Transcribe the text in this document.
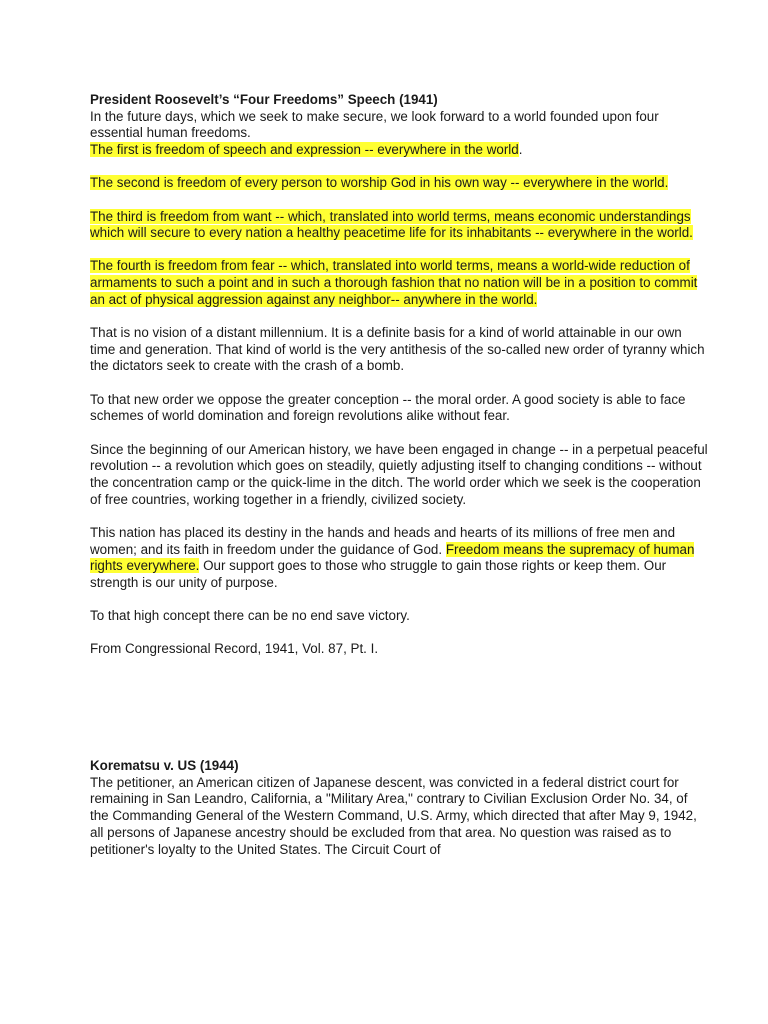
President Roosevelt’s “Four Freedoms” Speech (1941)

In the future days, which we seek to make secure, we look forward to a world founded upon four essential human freedoms.

The first is freedom of speech and expression -- everywhere in the world.

The second is freedom of every person to worship God in his own way -- everywhere in the world.

The third is freedom from want -- which, translated into world terms, means economic understandings which will secure to every nation a healthy peacetime life for its inhabitants -- everywhere in the world.

The fourth is freedom from fear -- which, translated into world terms, means a world-wide reduction of armaments to such a point and in such a thorough fashion that no nation will be in a position to commit an act of physical aggression against any neighbor-- anywhere in the world.

That is no vision of a distant millennium. It is a definite basis for a kind of world attainable in our own time and generation. That kind of world is the very antithesis of the so-called new order of tyranny which the dictators seek to create with the crash of a bomb.

To that new order we oppose the greater conception -- the moral order. A good society is able to face schemes of world domination and foreign revolutions alike without fear.

Since the beginning of our American history, we have been engaged in change -- in a perpetual peaceful revolution -- a revolution which goes on steadily, quietly adjusting itself to changing conditions -- without the concentration camp or the quick-lime in the ditch. The world order which we seek is the cooperation of free countries, working together in a friendly, civilized society.

This nation has placed its destiny in the hands and heads and hearts of its millions of free men and women; and its faith in freedom under the guidance of God. Freedom means the supremacy of human rights everywhere. Our support goes to those who struggle to gain those rights or keep them. Our strength is our unity of purpose.

To that high concept there can be no end save victory.

From Congressional Record, 1941, Vol. 87, Pt. I.

Korematsu v. US (1944)

The petitioner, an American citizen of Japanese descent, was convicted in a federal district court for remaining in San Leandro, California, a "Military Area," contrary to Civilian Exclusion Order No. 34, of the Commanding General of the Western Command, U.S. Army, which directed that after May 9, 1942, all persons of Japanese ancestry should be excluded from that area. No question was raised as to petitioner's loyalty to the United States. The Circuit Court of
